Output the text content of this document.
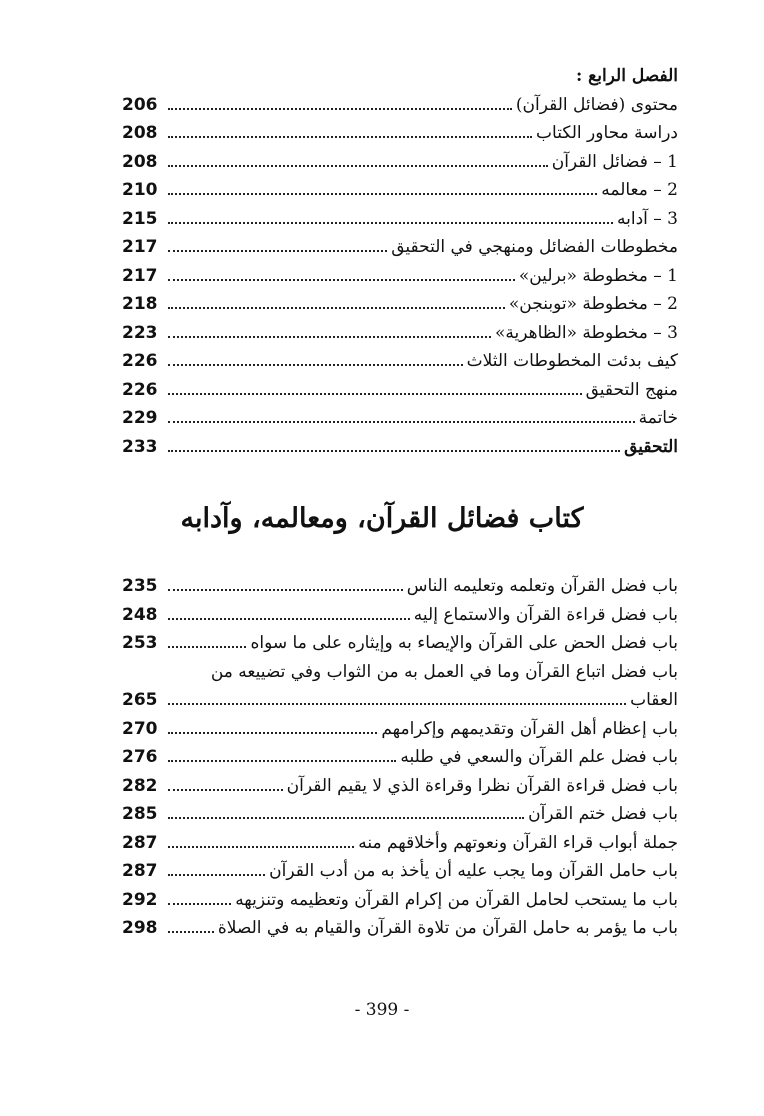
الفصل الرابع :
محتوى (فضائل القرآن)
206
دراسة محاور الكتاب
208
1 – فضائل القرآن
208
2 – معالمه
210
3 – آدابه
215
مخطوطات الفضائل ومنهجي في التحقيق
217
1 – مخطوطة «برلين»
217
2 – مخطوطة «توبنجن»
218
3 – مخطوطة «الظاهرية»
223
كيف بدئت المخطوطات الثلاث
226
منهج التحقيق
226
خاتمة
229
التحقيق
233
كتاب فضائل القرآن، ومعالمه، وآدابه
باب فضل القرآن وتعلمه وتعليمه الناس
235
باب فضل قراءة القرآن والاستماع إليه
248
باب فضل الحض على القرآن والإيصاء به وإيثاره على ما سواه
253
باب فضل اتباع القرآن وما في العمل به من الثواب وفي تضييعه من
العقاب
265
باب إعظام أهل القرآن وتقديمهم وإكرامهم
270
باب فضل علم القرآن والسعي في طلبه
276
باب فضل قراءة القرآن نظرا وقراءة الذي لا يقيم القرآن
282
باب فضل ختم القرآن
285
جملة أبواب قراء القرآن ونعوتهم وأخلاقهم منه
287
باب حامل القرآن وما يجب عليه أن يأخذ به من أدب القرآن
287
باب ما يستحب لحامل القرآن من إكرام القرآن وتعظيمه وتنزيهه
292
باب ما يؤمر به حامل القرآن من تلاوة القرآن والقيام به في الصلاة
298
- 399 -
